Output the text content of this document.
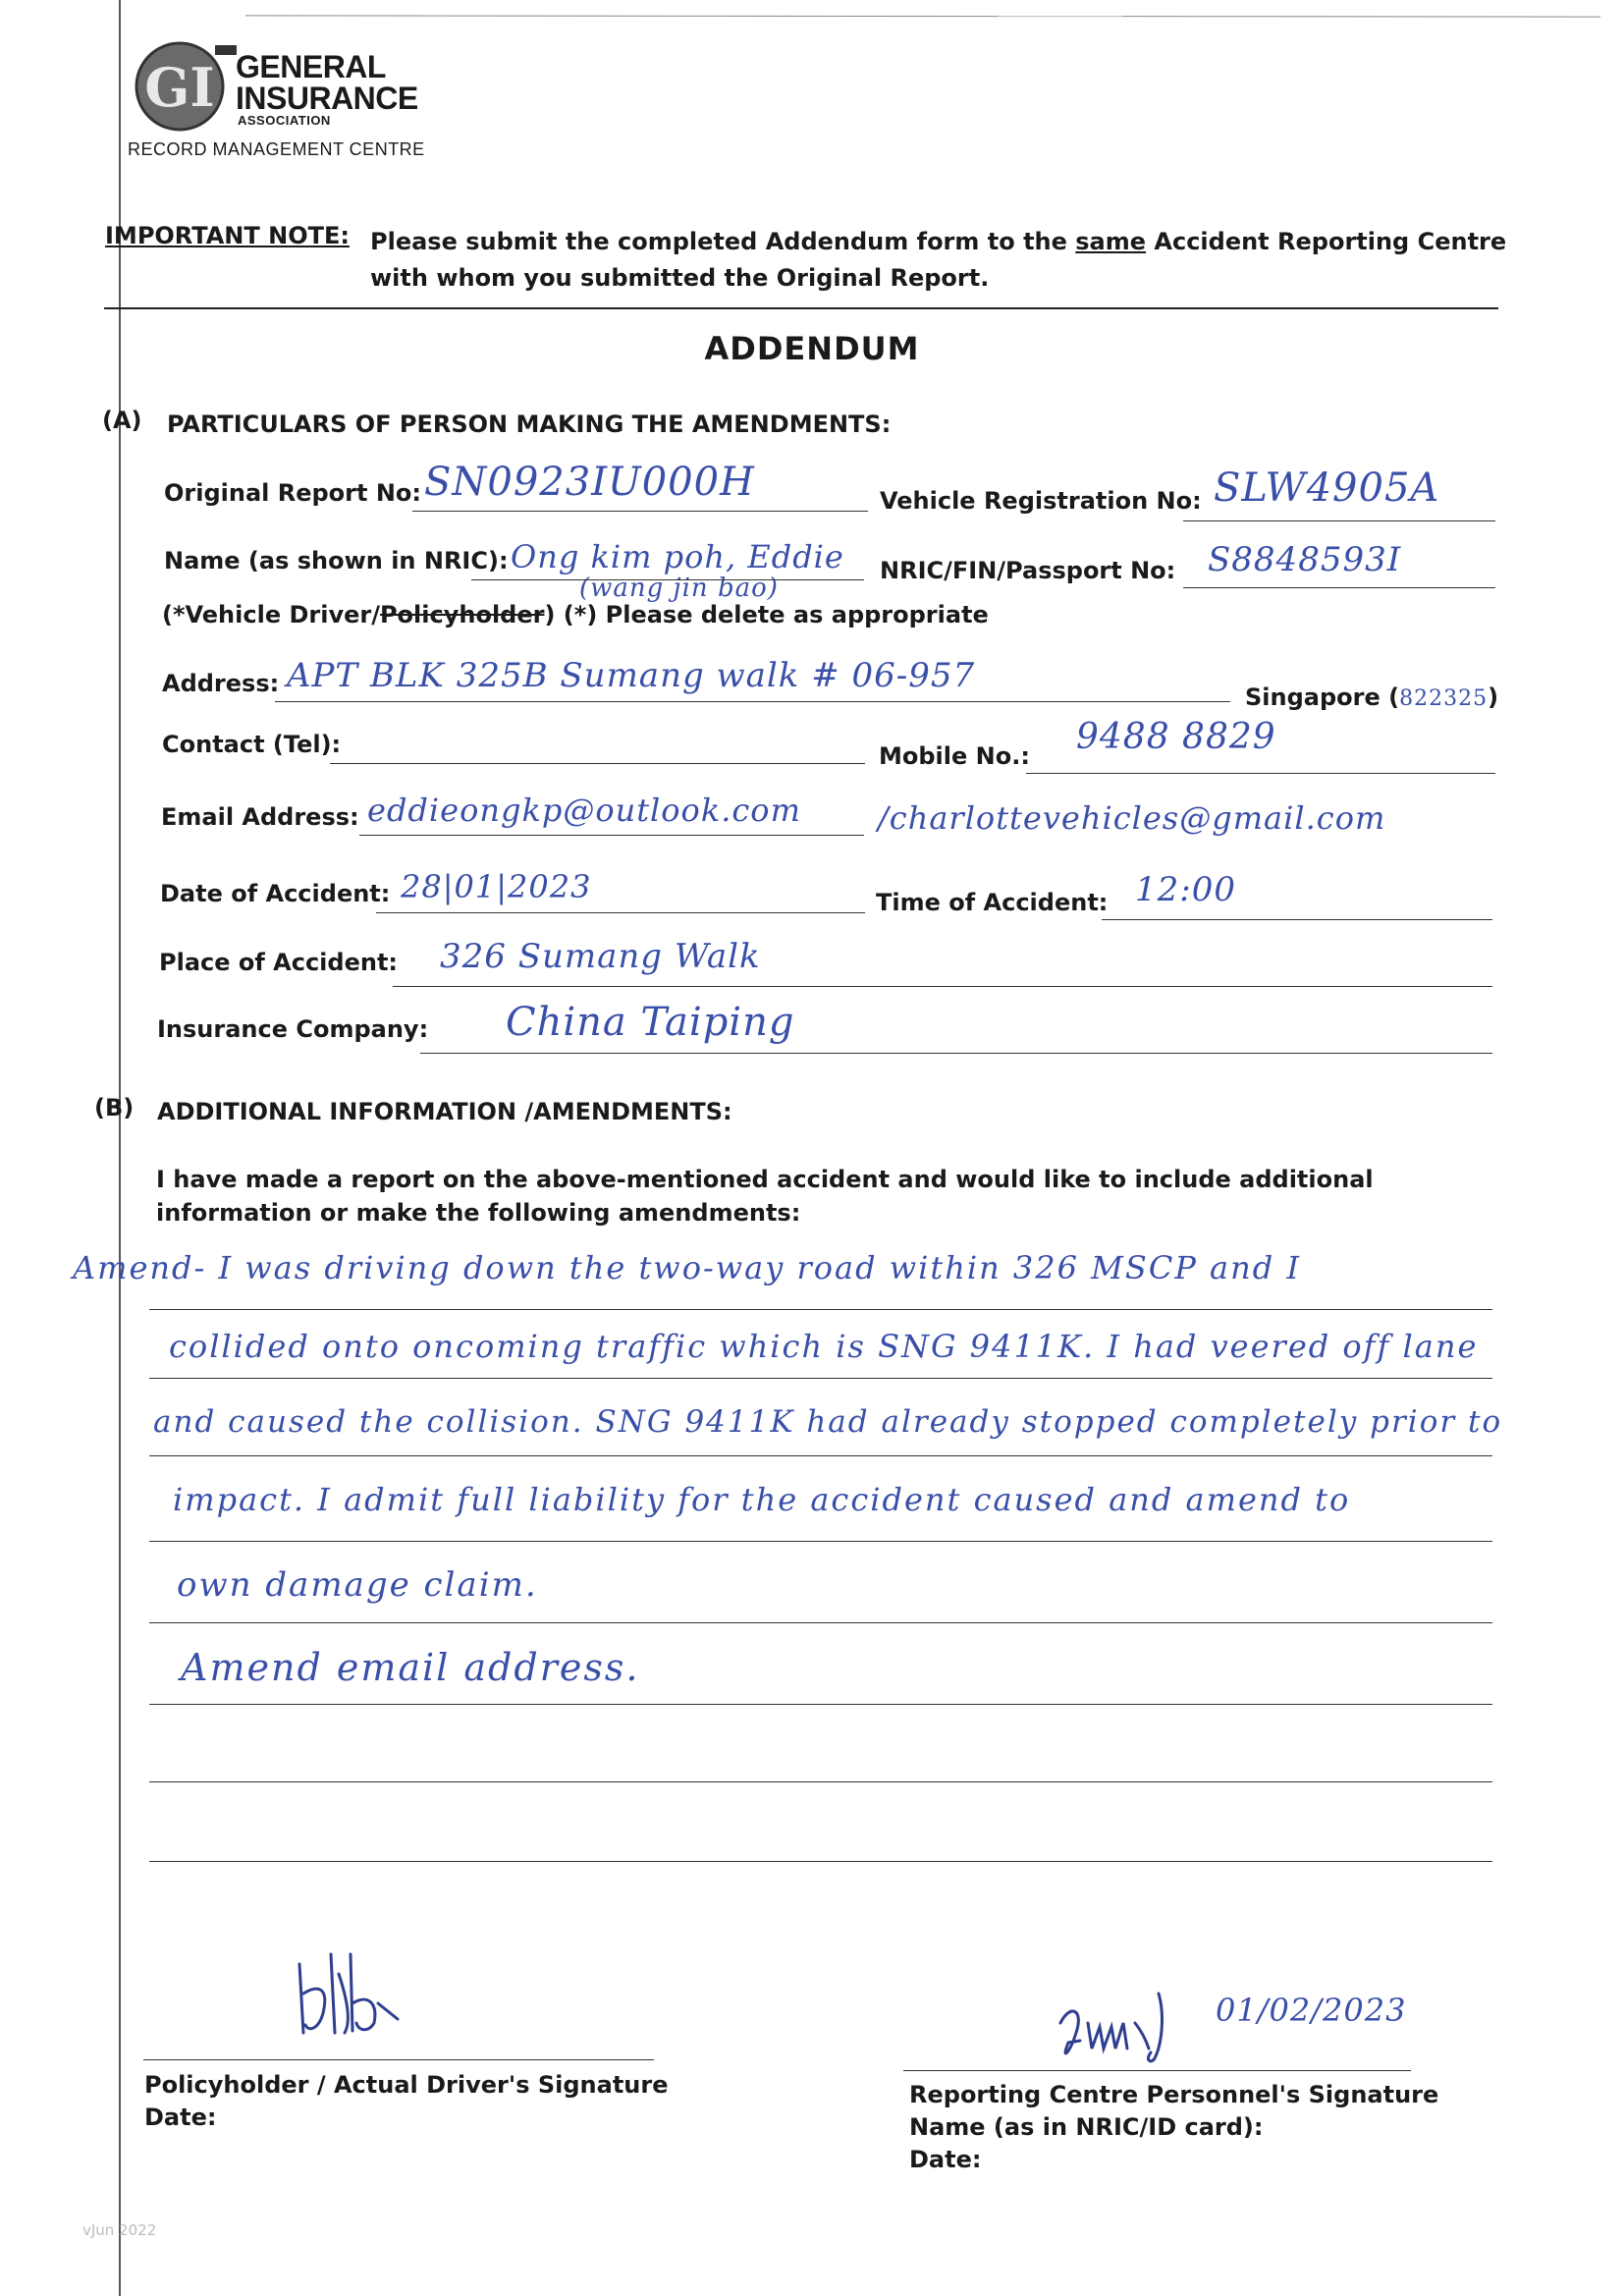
GI GENERAL
INSURANCE
ASSOCIATION
RECORD MANAGEMENT CENTRE
IMPORTANT NOTE: Please submit the completed Addendum form to the same Accident Reporting Centre with whom you submitted the Original Report.
ADDENDUM
(A) PARTICULARS OF PERSON MAKING THE AMENDMENTS:
Original Report No: SN0923IU000H	Vehicle Registration No: SLW4905A
Name (as shown in NRIC): Ong kim poh, Eddie
(wang jin bao)
NRIC/FIN/Passport No: S8848593I
(*Vehicle Driver/Policyholder) (*) Please delete as appropriate
Address: APT BLK 325B Sumang walk # 06-957
Singapore (822325)
Contact (Tel):	Mobile No.: 9488 8829
Email Address: eddieongkp@outlook.com /charlottevehicles@gmail.com
Date of Accident: 28|01|2023	Time of Accident: 12:00
Place of Accident: 326 Sumang Walk
Insurance Company: China Taiping
(B) ADDITIONAL INFORMATION /AMENDMENTS:
I have made a report on the above-mentioned accident and would like to include additional information or make the following amendments:
Amend- I was driving down the two-way road within 326 MSCP and I
collided onto oncoming traffic which is SNG 9411K. I had veered off lane
and caused the collision. SNG 9411K had already stopped completely prior to
impact. I admit full liability for the accident caused and amend to
own damage claim.
Amend email address.
Policyholder / Actual Driver's Signature
Date:
01/02/2023
Reporting Centre Personnel's Signature
Name (as in NRIC/ID card):
Date:
vJun 2022
